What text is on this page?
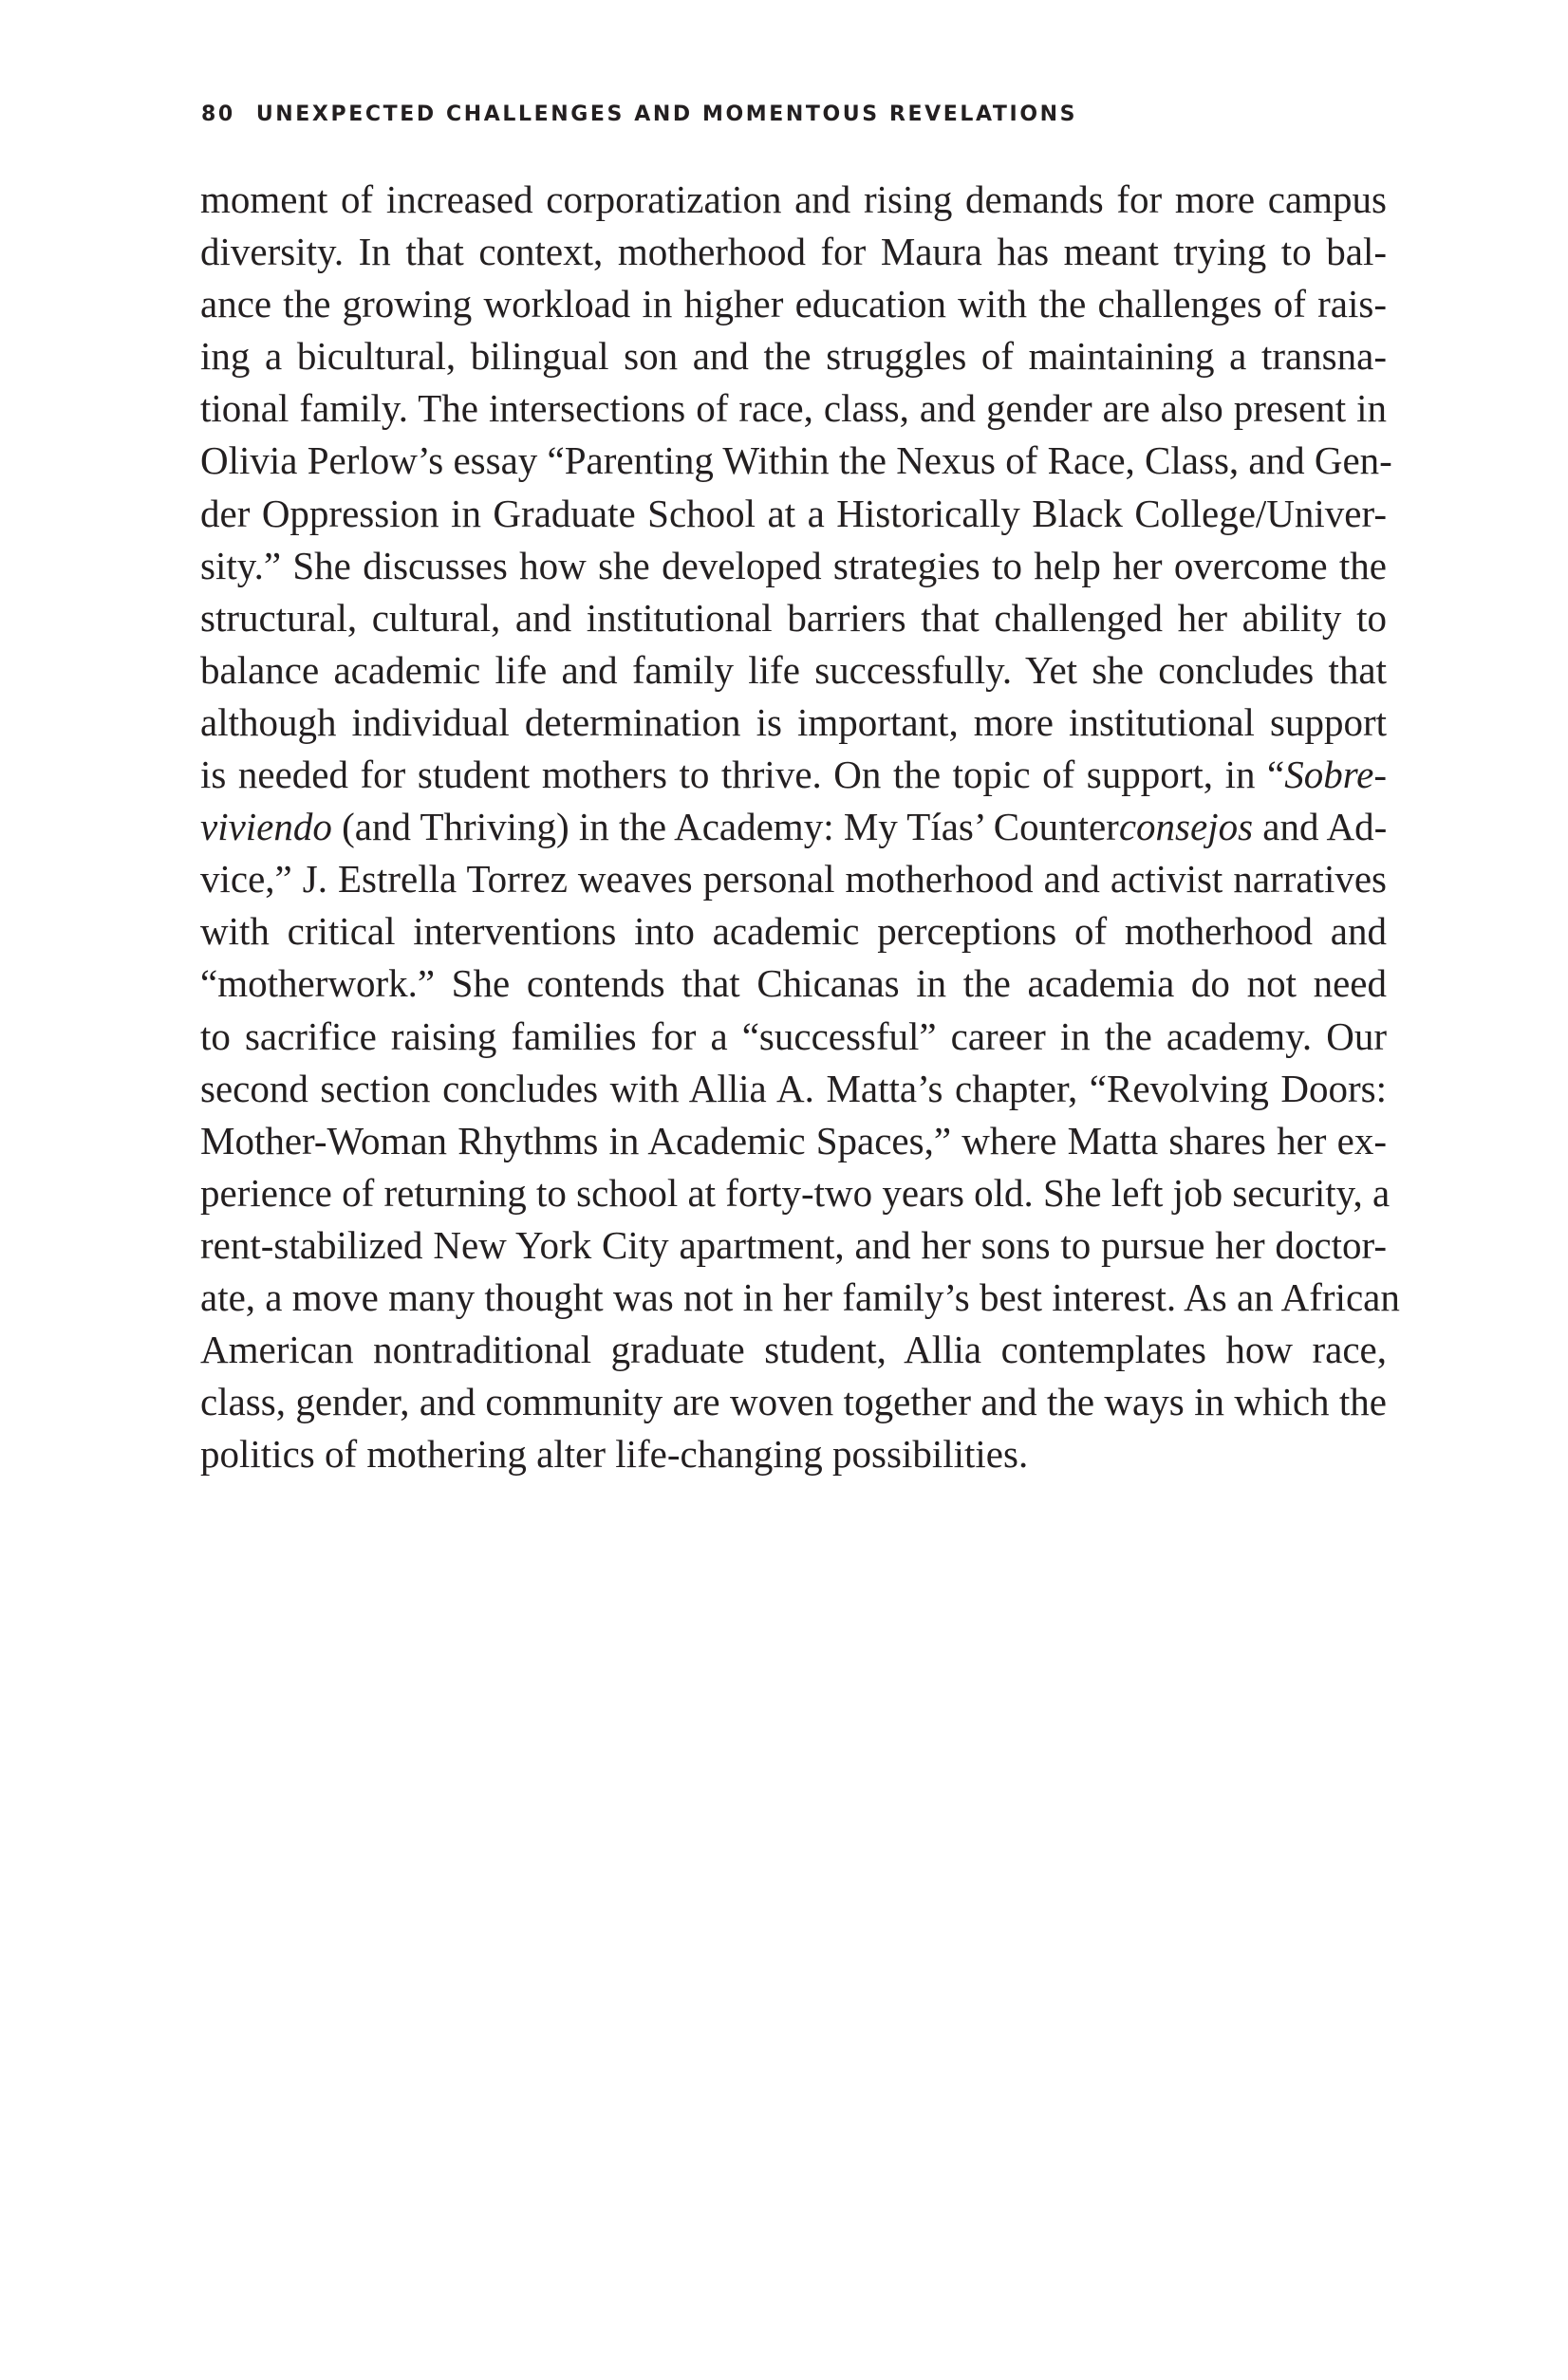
80 UNEXPECTED CHALLENGES AND MOMENTOUS REVELATIONS
moment of increased corporatization and rising demands for more campus
diversity. In that context, motherhood for Maura has meant trying to bal-
ance the growing workload in higher education with the challenges of rais-
ing a bicultural, bilingual son and the struggles of maintaining a transna-
tional family. The intersections of race, class, and gender are also present in
Olivia Perlow’s essay “Parenting Within the Nexus of Race, Class, and Gen-
der Oppression in Graduate School at a Historically Black College/Univer-
sity.” She discusses how she developed strategies to help her overcome the
structural, cultural, and institutional barriers that challenged her ability to
balance academic life and family life successfully. Yet she concludes that
although individual determination is important, more institutional support
is needed for student mothers to thrive. On the topic of support, in “Sobre-
viviendo (and Thriving) in the Academy: My Tías’ Counterconsejos and Ad-
vice,” J. Estrella Torrez weaves personal motherhood and activist narratives
with critical interventions into academic perceptions of motherhood and
“motherwork.” She contends that Chicanas in the academia do not need
to sacrifice raising families for a “successful” career in the academy. Our
second section concludes with Allia A. Matta’s chapter, “Revolving Doors:
Mother-Woman Rhythms in Academic Spaces,” where Matta shares her ex-
perience of returning to school at forty-two years old. She left job security, a
rent-stabilized New York City apartment, and her sons to pursue her doctor-
ate, a move many thought was not in her family’s best interest. As an African
American nontraditional graduate student, Allia contemplates how race,
class, gender, and community are woven together and the ways in which the
politics of mothering alter life-changing possibilities.
